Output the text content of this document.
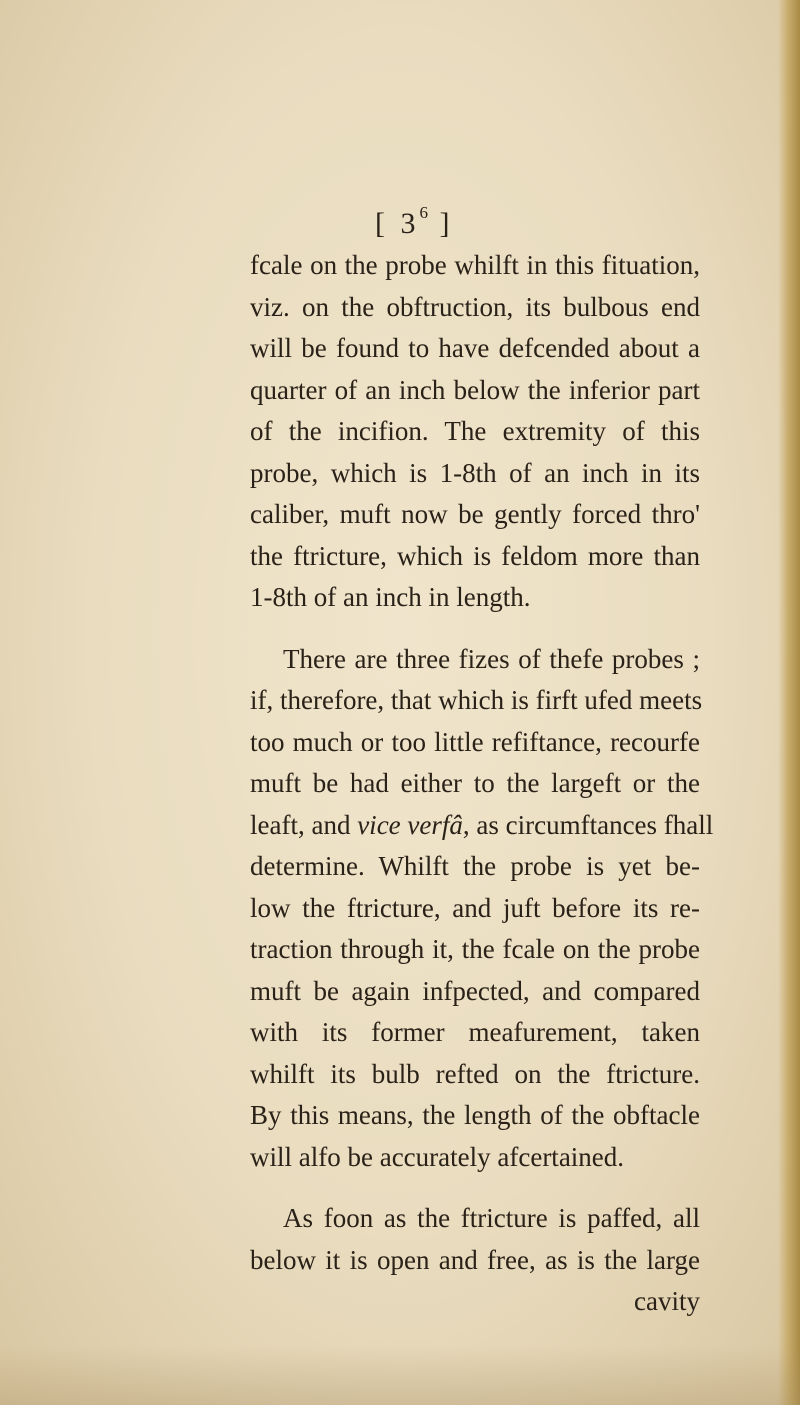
[ $3^6$ ]
fcale on the probe whilft in this fituation,
viz. on the obftruction, its bulbous end
will be found to have defcended about a
quarter of an inch below the inferior part
of the incifion. The extremity of this
probe, which is 1-8th of an inch in its
caliber, muft now be gently forced thro'
the ftricture, which is feldom more than
1-8th of an inch in length.
There are three fizes of thefe probes ;
if, therefore, that which is firft ufed meets
too much or too little refiftance, recourfe
muft be had either to the largeft or the
leaft, and vice verfâ, as circumftances fhall
determine. Whilft the probe is yet be-
low the ftricture, and juft before its re-
traction through it, the fcale on the probe
muft be again infpected, and compared
with its former meafurement, taken
whilft its bulb refted on the ftricture.
By this means, the length of the obftacle
will alfo be accurately afcertained.
As foon as the ftricture is paffed, all
below it is open and free, as is the large
cavity
